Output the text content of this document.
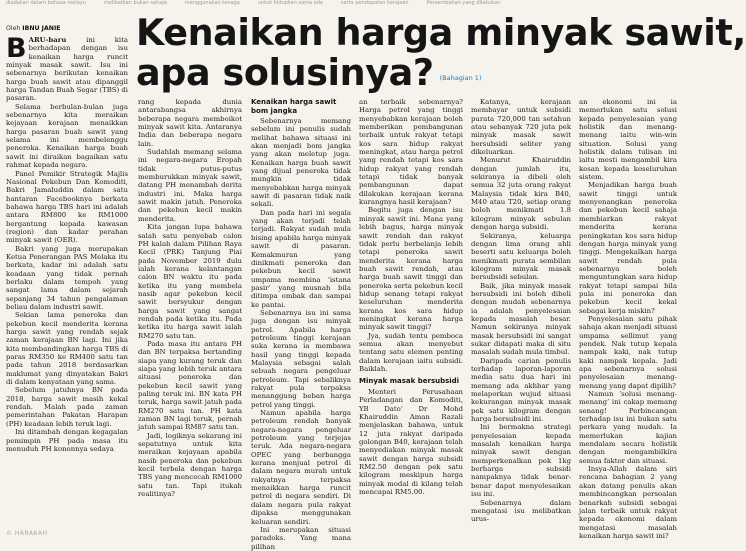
diadakan dalam bahasa melayu	melibatkan bukan sahaja	menggunakan tenaga	untuk hidupkan sama ada	serta pendapatan kerajaan	Persembahan yang dilakukan
Oleh IBNU JANIE	Kenaikan harga minyak sawit,
apa solusinya? (Bahagian 1)

BARU-baru ini kita berhadapan dengan isu kenaikan harga runcit minyak masak sawit. Isu ini sebenarnya berikutan kenaikan harga buah sawit atau dipanggil harga Tandan Buah Segar (TBS) di pasaran.

Selama berbulan-bulan juga sebenarnya kita meraikan kejayaan kerajaan menaikkan harga pasaran buah sawit yang selama ini membelenggu peneroka. Kenaikan harga buah sawit ini diraikan bagaikan satu rahmat kepada negara.

Panel Pemikir Strategik Majlis Nasional Pekebun Dan Komoditi, Bakri Jamaluddin dalam satu hantaran Facebooknya berkata bahawa harga TBS hari ini adalah antara RM800 ke RM1000 bergantung kepada kawasan (region) dan kadar perahan minyak sawit (OER).

Bakri yang juga merupakan Ketua Penerangan PAS Melaka itu berkata, kadar ini adalah satu keadaan yang tidak pernah berlaku dalam tempoh yang sangat lama dalam sejarah sepanjang 34 tahun pengalaman beliau dalam industri sawit.

Sekian lama peneroka dan pekebun kecil menderita kerana harga sawit yang rendah sejak zaman kerajaan BN lagi. Ini jika kita membandingkan harga TBS di paras RM350 ke RM400 satu tan pada tahun 2018 berdasarkan maklumat yang dinyatakan Bakri di dalam kenyataan yang sama.

Sebelum jatuhnya BN pada 2018, harga sawit masih kekal rendah. Malah pada zaman pemerintahan Pakatan Harapan (PH) keadaan lebih teruk lagi.

Ini ditambah dengan kegagalan pemimpin PH pada masa itu menuduh PH kononnya sedaya

rang kepada dunia antarabangsa akhirnya beberapa negara memboikot minyak sawit kita. Antaranya India dan beberapa negara lain.

Sudahlah memang selama ini negara-negara Eropah tidak putus-putus memburukkan minyak sawit, datang PH menambah derita industri ini. Maka harga sawit makin jatuh. Peneroka dan pekebun kecil makin menderita.

Kita jangan lupa bahawa salah satu penyebab calon PH kalah dalam Pilihan Raya Kecil (PRK) Tanjung Piai pada November 2019 dulu ialah kerana kelantangan calon BN waktu itu pada ketika itu yang membela nasib agar pekebun kecil sawit bersyukur dengan harga sawit yang sangat rendah pada ketika itu. Pada ketika itu harga sawit ialah RM270 satu tan.

Pada masa itu antara PH dan BN terpaksa bertanding siapa yang kurang teruk dan siapa yang lebih teruk antara situasi peneroka dan pekebun kecil sawit yang paling teruk ini. BN kata PH teruk, harga sawit jatuh pada RM270 satu tan. PH kata zaman BN lagi teruk, pernah jatuh sampai RM87 satu tan.

Jadi, logiknya sekarang ini sepatutnya untuk kita meraikan kejayaan apabila nasib peneroka dan pekebun kecil terbela dengan harga TBS yang mencecah RM1000 satu tan. Tapi itukah realitinya?

Kenaikan harga sawit bom jangka

Sebenarnya memang sebelum ini penulis sudah melihat bahawa situasi ini akan menjadi bom jangka yang akan meletup juga. Kenaikan harga buah sawit yang dijual peneroka tidak mungkin tidak menyebabkan harga minyak sawit di pasaran tidak naik sekali.

Dan pada hari ini segala yang akan terjadi telah terjadi. Rakyat sudah mula bising apabila harga minyak sawit di pasaran. Kemakmuran yang dinikmati peneroka dan pekebun kecil sawit umpama membina ‘istana pasir’ yang musnah bila ditimpa ombak dan sampai ke pantai.

Sebenarnya isu ini sama juga dengan isu minyak petrol. Apabila harga petroleum tinggi kerajaan suka kerana ia membawa hasil yang tinggi kepada Malaysia sebagai salah sebuah negara pengeluar petroleum. Tapi sebaliknya rakyat pula terpaksa menanggung beban harga petrol yang tinggi.

Namun apabila harga petroleum rendah banyak negara-negara pengeluar petroleum yang terjejas teruk. Ada negara-negara OPEC yang berbangga kerana menjual petrol di dalam negara murah untuk rakyatnya terpaksa menaikkan harga runcit petrol di negara sendiri. Di dalam negara pula rakyat dipaksa menggunakan keluaran sendiri.

Ini merupakan situasi paradoks. Yang mana pilihan

an terbaik sebenarnya? Harga petrol yang tinggi menyebabkan kerajaan boleh memberikan pembangunan terbaik untuk rakyat tetapi kos sara hidup rakyat meningkat, atau harga petrol yang rendah tetapi kos sara hidup rakyat yang rendah tetapi tidak banyak pembangunan dapat dilakukan kerajaan kerana kurangnya hasil kerajaan?

Begitu juga dengan isu minyak sawit ini. Mana yang lebih bagus, harga minyak sawit rendah dan rakyat tidak perlu berbelanja lebih tetapi peneroka sawit menderita kerana harga buah sawit rendah, atau harga buah sawit tinggi dan peneroka serta pekebun kecil hidup senang tetapi rakyat keseluruhan menderita kerana kos sara hidup meningkat kerana harga minyak sawit tinggi?

Jya, sudah tentu pemboca semua akan menyebut tentang satu elemen penting dalam kerajaan iaitu subsidi. Baiklah.

Minyak masak bersubsidi

Menteri Perusahaan Perladangan dan Komoditi, YB Dato’ Dr Mohd Khairuddin Aman Razali menjelaskan bahawa, untuk 12 juta rakyat daripada golongan B40, kerajaan telah menyediakan minyak masak sawit dengan harga subsidi RM2.50 dengan pek satu kilogram meskipun harga minyak modal di kilang telah mencapai RM5.00.

Katanya, kerajaan membayar untuk subsidi purata 720,000 tan setahun atau sebanyak 720 juta pek minyak masak sawit bersubsidi seliter yang dikeluarkan.

Menurut Khairuddin dengan jumlah itu, sekiranya ia dibeli oleh semua 32 juta orang rakyat Malaysia tidak kira B40, M40 atau T20, setiap orang boleh menikmati 1.8 kilogram minyak sebulan dengan harga subsidi.

Sekiranya, keluarga dengan lima orang ahli beserti satu keluarga boleh menikmati purata sembilan kilogram minyak masak bersubsidi sebulan.

Baik, jika minyak masak bersubsidi ini boleh dibeli dengan mudah sebenarnya ia adalah penyelesaian kepada masalah besar. Namun sekiranya minyak masak bersubsidi ini sangat sukar didapati maka di situ masalah sudah mula timbul.

Daripada carian penulis terhadap laporan-laporan media satu dua hari ini memang ada akhbar yang melaporkan wujud situasi kekurangan minyak masak pek satu kilogram dengan harga bersubsidi ini.

Ini bermakna strategi penyelesaian kepada masalah kenaikan harga minyak sawit dengan memperkenalkan pek 1kg berharga subsidi nampaknya tidak benar-benar dapat menyelesaikan isu ini.

Sebenarnya dalam mengatasi isu melibatkan urus-

an ekonomi ini ia memerlukan satu solusi kepada penyelesaian yang holistik dan menang-menang iaitu win-win situation. Solusi yang holistik dalam tulisan ini iaitu mesti mengambil kira kesan kepada keseluruhan sistem.

Menjadikan harga buah sawit tinggi untuk menyenangkan peneroka dan pekebun kecil sahaja membiarkan rakyat menderita kerana peningkatan kos sara hidup dengan harga minyak yang tinggi. Mengekalkan harga sawit rendah pula sebenarnya boleh menguntungkan sara hidup rakyat tetapi sampai bila pula ini peneroka dan pekebun kecil kekal sebagai kerja miskin?

Penyelesaian satu pihak sahaja akan menjadi situasi umpama sellimut yang pendek. Nak tutup kepala nampak kaki, nak tutup kaki nampak kepala. Jadi apa sebenarnya solusi penyelesaian menang-menang yang dapat dipilih?

Namun ‘solusi menang-menang’ ini cakap memang senang! Perbincangan terhadap isu ini bukan satu perkara yang mudah. Ia memerlukan kajian mendalam secara holistik dengan mengambilkira semua faktor dan situasi.

Insya-Allah dalam siri rencana bahagian 2 yang akan datang penulis akan membincangkan persoalan benarkah subsidi sebagai jalan terbaik untuk rakyat kepada ekonomi dalam mengatasi masalah kenaikan harga sawit ini?

© HARAKAH
